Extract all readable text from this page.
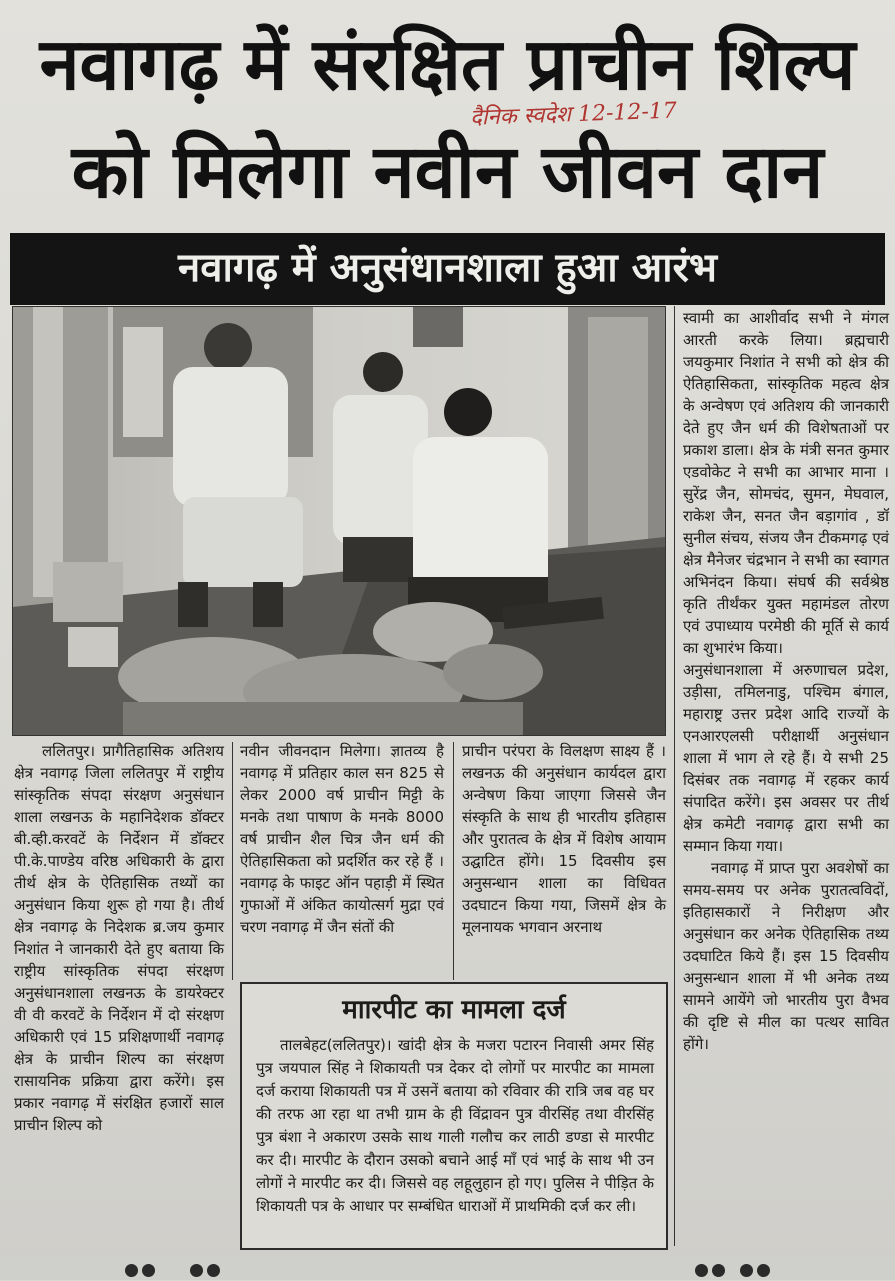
नवागढ़ में संरक्षित प्राचीन शिल्प
को मिलेगा नवीन जीवन दान
दैनिक स्वदेश 12-12-17
नवागढ़ में अनुसंधानशाला हुआ आरंभ

ललितपुर। प्रागैतिहासिक अतिशय क्षेत्र नवागढ़ जिला ललितपुर में राष्ट्रीय सांस्कृतिक संपदा संरक्षण अनुसंधान शाला लखनऊ के महानिदेशक डॉक्टर बी.व्ही.करवटें के निर्देशन में डॉक्टर पी.के.पाण्डेय वरिष्ठ अधिकारी के द्वारा तीर्थ क्षेत्र के ऐतिहासिक तथ्यों का अनुसंधान किया शुरू हो गया है। तीर्थ क्षेत्र नवागढ़ के निदेशक ब्र.जय कुमार निशांत ने जानकारी देते हुए बताया कि राष्ट्रीय सांस्कृतिक संपदा संरक्षण अनुसंधानशाला लखनऊ के डायरेक्टर वी वी करवटें के निर्देशन में दो संरक्षण अधिकारी एवं 15 प्रशिक्षणार्थी नवागढ़ क्षेत्र के प्राचीन शिल्प का संरक्षण रासायनिक प्रक्रिया द्वारा करेंगे। इस प्रकार नवागढ़ में संरक्षित हजारों साल प्राचीन शिल्प को

नवीन जीवनदान मिलेगा। ज्ञातव्य है नवागढ़ में प्रतिहार काल सन 825 से लेकर 2000 वर्ष प्राचीन मिट्टी के मनके तथा पाषाण के मनके 8000 वर्ष प्राचीन शैल चित्र जैन धर्म की ऐतिहासिकता को प्रदर्शित कर रहे हैं । नवागढ़ के फाइट ऑन पहाड़ी में स्थित गुफाओं में अंकित कायोत्सर्ग मुद्रा एवं चरण नवागढ़ में जैन संतों की

प्राचीन परंपरा के विलक्षण साक्ष्य हैं । लखनऊ की अनुसंधान कार्यदल द्वारा अन्वेषण किया जाएगा जिससे जैन संस्कृति के साथ ही भारतीय इतिहास और पुरातत्व के क्षेत्र में विशेष आयाम उद्घाटित होंगे। 15 दिवसीय इस अनुसन्धान शाला का विधिवत उदघाटन किया गया, जिसमें क्षेत्र के मूलनायक भगवान अरनाथ

स्वामी का आशीर्वाद सभी ने मंगल आरती करके लिया। ब्रह्मचारी जयकुमार निशांत ने सभी को क्षेत्र की ऐतिहासिकता, सांस्कृतिक महत्व क्षेत्र के अन्वेषण एवं अतिशय की जानकारी देते हुए जैन धर्म की विशेषताओं पर प्रकाश डाला। क्षेत्र के मंत्री सनत कुमार एडवोकेट ने सभी का आभार माना । सुरेंद्र जैन, सोमचंद, सुमन, मेघवाल, राकेश जैन, सनत जैन बड़ागांव , डॉ सुनील संचय, संजय जैन टीकमगढ़ एवं क्षेत्र मैनेजर चंद्रभान ने सभी का स्वागत अभिनंदन किया। संघर्ष की सर्वश्रेष्ठ कृति तीर्थंकर युक्त महामंडल तोरण एवं उपाध्याय परमेष्ठी की मूर्ति से कार्य का शुभारंभ किया।

अनुसंधानशाला में अरुणाचल प्रदेश, उड़ीसा, तमिलनाडु, पश्चिम बंगाल, महाराष्ट्र उत्तर प्रदेश आदि राज्यों के एनआरएलसी परीक्षार्थी अनुसंधान शाला में भाग ले रहे हैं। ये सभी 25 दिसंबर तक नवागढ़ में रहकर कार्य संपादित करेंगे। इस अवसर पर तीर्थ क्षेत्र कमेटी नवागढ़ द्वारा सभी का सम्मान किया गया।

नवागढ़ में प्राप्त पुरा अवशेषों का समय-समय पर अनेक पुरातत्वविदों, इतिहासकारों ने निरीक्षण और अनुसंधान कर अनेक ऐतिहासिक तथ्य उदघाटित किये हैं। इस 15 दिवसीय अनुसन्धान शाला में भी अनेक तथ्य सामने आयेंगे जो भारतीय पुरा वैभव की दृष्टि से मील का पत्थर सावित होंगे।

माारपीट का मामला दर्ज

तालबेहट(ललितपुर)। खांदी क्षेत्र के मजरा पटारन निवासी अमर सिंह पुत्र जयपाल सिंह ने शिकायती पत्र देकर दो लोगों पर मारपीट का मामला दर्ज कराया शिकायती पत्र में उसनें बताया को रविवार की रात्रि जब वह घर की तरफ आ रहा था तभी ग्राम के ही विंद्रावन पुत्र वीरसिंह तथा वीरसिंह पुत्र बंशा ने अकारण उसके साथ गाली गलौच कर लाठी डण्डा से मारपीट कर दी। मारपीट के दौरान उसको बचाने आई माँ एवं भाई के साथ भी उन लोगों ने मारपीट कर दी। जिससे वह लहूलुहान हो गए। पुलिस ने पीड़ित के शिकायती पत्र के आधार पर सम्बंधित धाराओं में प्राथमिकी दर्ज कर ली।
